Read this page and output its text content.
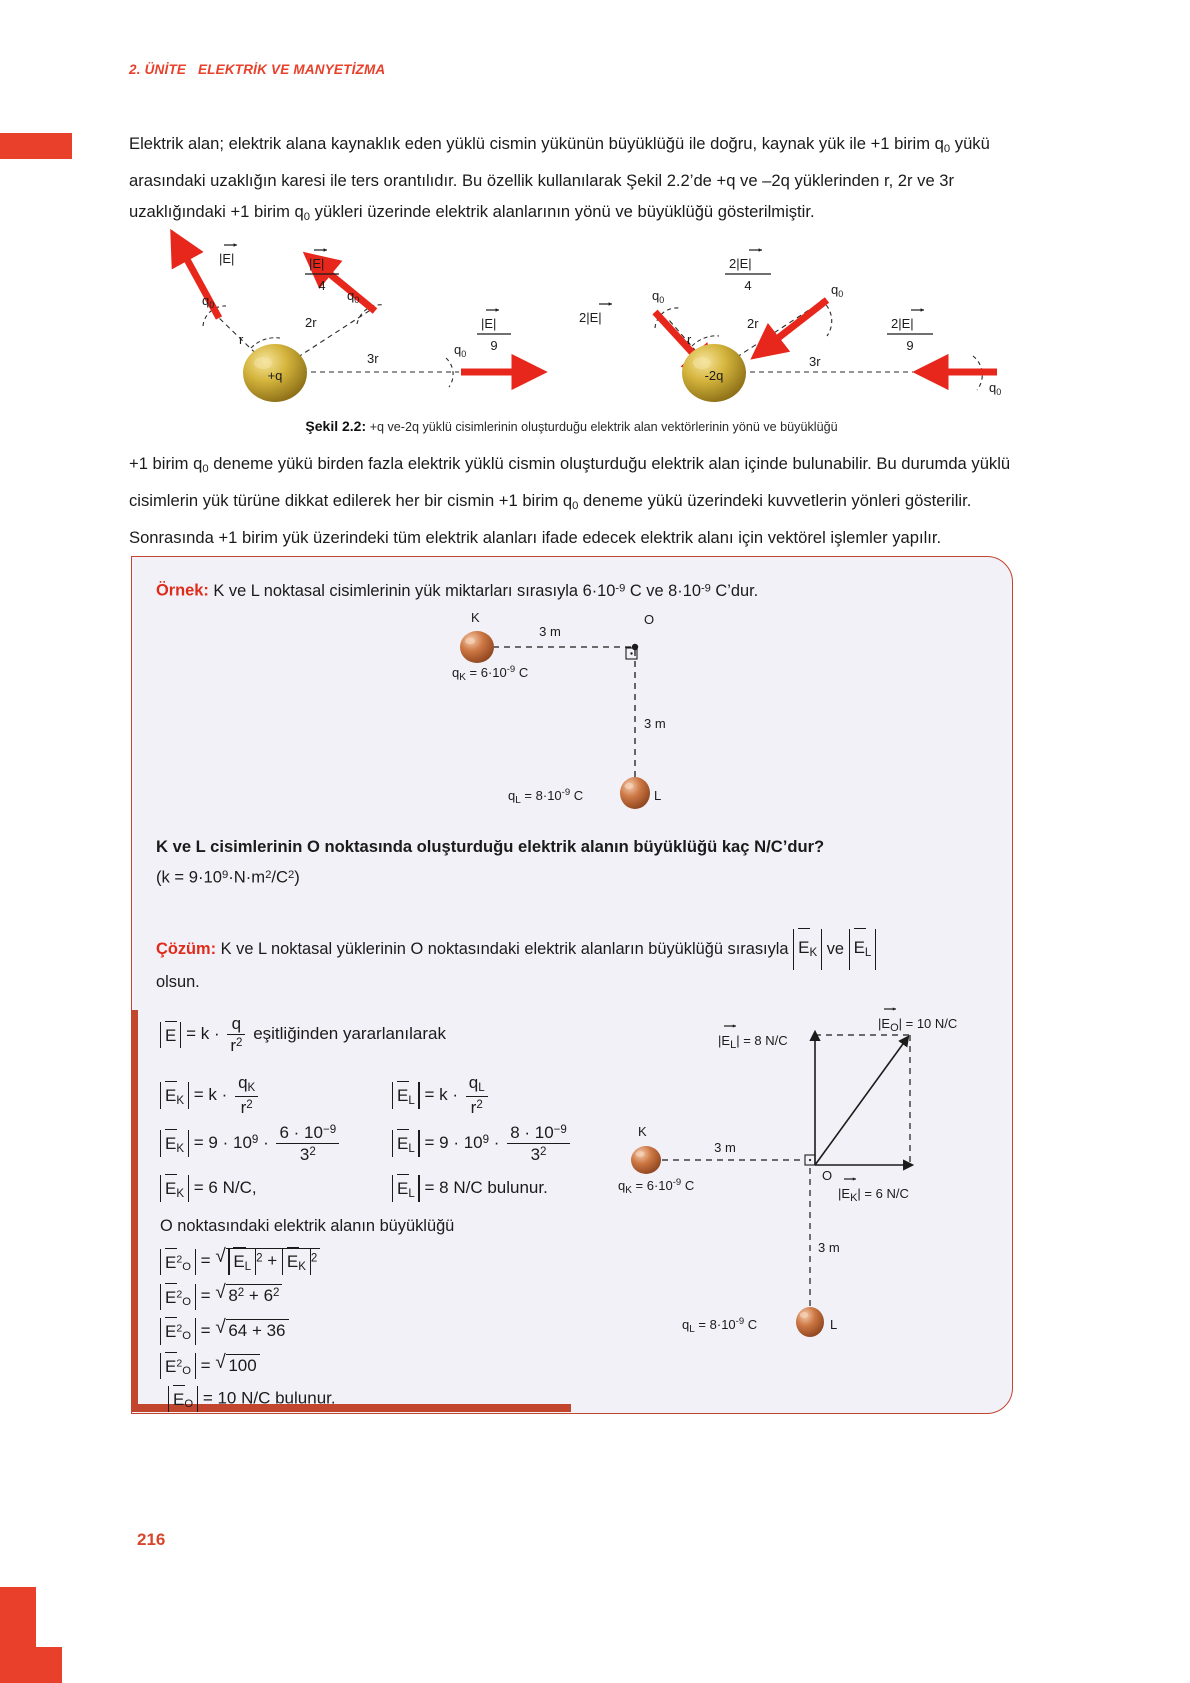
2. ÜNİTE   ELEKTRİK VE MANYETİZMA
Elektrik alan; elektrik alana kaynaklık eden yüklü cismin yükünün büyüklüğü ile doğru, kaynak yük ile +1 birim $q_0$ yükü arasındaki uzaklığın karesi ile ters orantılıdır. Bu özellik kullanılarak Şekil 2.2’de +q ve –2q yüklerinden r, 2r ve 3r uzaklığındaki +1 birim $q_0$ yükleri üzerinde elektrik alanlarının yönü ve büyüklüğü gösterilmiştir.
+q
$q_0$
$q_0$
$q_0$
r
2r
3r
|E|	|E|
4
|E|
9
-2q
$q_0$
$q_0$
$q_0$
r
2r
3r
2|E|
2|E|
4
2|E|
9
Şekil 2.2: +q ve-2q yüklü cisimlerinin oluşturduğu elektrik alan vektörlerinin yönü ve büyüklüğü
+1 birim $q_0$ deneme yükü birden fazla elektrik yüklü cismin oluşturduğu elektrik alan içinde bulunabilir. Bu durumda yüklü cisimlerin yük türüne dikkat edilerek her bir cismin +1 birim $q_0$ deneme yükü üzerindeki kuvvetlerin yönleri gösterilir. Sonrasında +1 birim yük üzerindeki tüm elektrik alanları ifade edecek elektrik alanı için vektörel işlemler yapılır.
Örnek: K ve L noktasal cisimlerinin yük miktarları sırasıyla $6\cdot 10^{-9}$ C ve $8\cdot 10^{-9}$ C’dur.
K	O
L
3 m
3 m
$q_K = 6\cdot 10^{-9}$ C
$q_L = 8\cdot 10^{-9}$ C
K ve L cisimlerinin O noktasında oluşturduğu elektrik alanın büyüklüğü kaç N/C’dur?
$(k = 9\cdot 10^9\cdot N\cdot m^2/C^2)$
Çözüm: K ve L noktasal yüklerinin O noktasındaki elektrik alanların büyüklüğü sırasıyla $E_K$ ve $E_L$
olsun.
$E = k \cdot \frac{q}{r^2}$ eşitliğinden yararlanılarak
$E_K = k \cdot \frac{q_K}{r^2}$	$E_L = k \cdot \frac{q_L}{r^2}$
$E_K = 9 \cdot 10^9 \cdot \frac{6 \cdot 10^{-9}}{3^2}$	$E_L = 9 \cdot 10^9 \cdot \frac{8 \cdot 10^{-9}}{3^2}$
$E_K = 6$ N/C,	$E_L = 8$ N/C bulunur.
O noktasındaki elektrik alanın büyüklüğü
$E^2_O$ = √ $E_L^2 + E_K^2$
$E^2_O$ = √ $8^2 + 6^2$
$E^2_O$ = √ 64 + 36
$E^2_O$ = √ 100
$E_O = 10$ N/C bulunur.
K
O
L
3 m
3 m
$q_K = 6\cdot 10^{-9}$ C
$q_L = 8\cdot 10^{-9}$ C
$|E_L| = 8$ N/C
$|E_K| = 6$ N/C
$|E_O| = 10$ N/C
216
